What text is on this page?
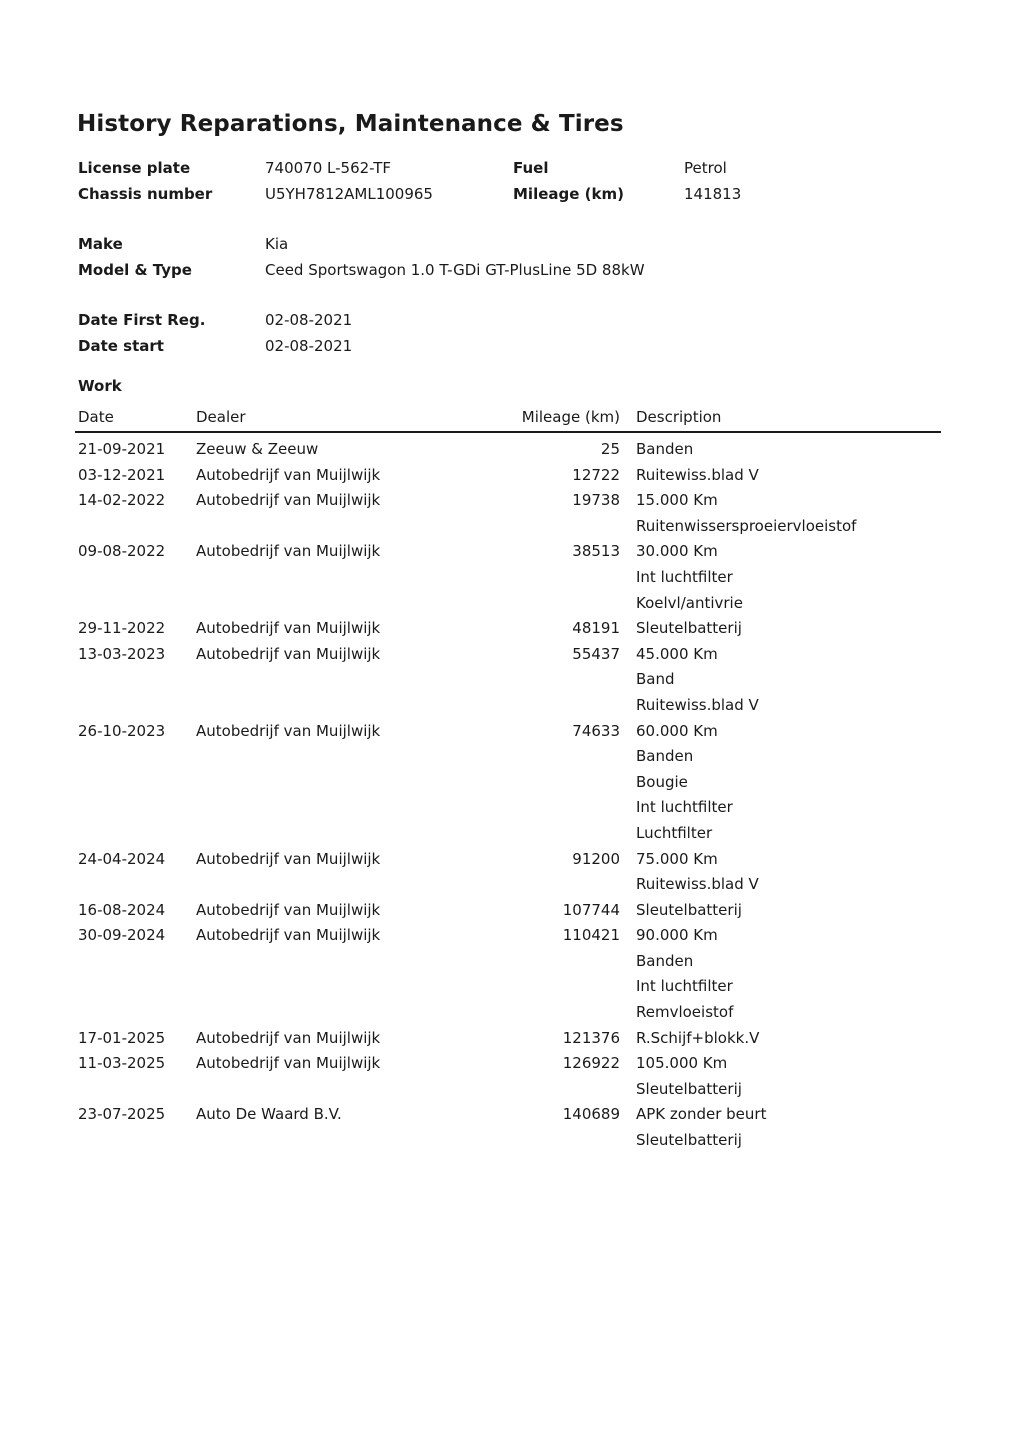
History Reparations, Maintenance & Tires
License plate	740070 L-562-TF	Fuel	Petrol
Chassis number	U5YH7812AML100965	Mileage (km)	141813
Make	Kia
Model & Type	Ceed Sportswagon 1.0 T-GDi GT-PlusLine 5D 88kW
Date First Reg.	02-08-2021
Date start	02-08-2021
Work
Date	Dealer	Mileage (km)	Description
21-09-2021	Zeeuw & Zeeuw	25	Banden

03-12-2021	Autobedrijf van Muijlwijk	12722	Ruitewiss.blad V

14-02-2022	Autobedrijf van Muijlwijk	19738	15.000 Km
Ruitenwissersproeiervloeistof

09-08-2022	Autobedrijf van Muijlwijk	38513	30.000 Km
Int luchtfilter
Koelvl/antivrie

29-11-2022	Autobedrijf van Muijlwijk	48191	Sleutelbatterij

13-03-2023	Autobedrijf van Muijlwijk	55437	45.000 Km
Band
Ruitewiss.blad V

26-10-2023	Autobedrijf van Muijlwijk	74633	60.000 Km
Banden
Bougie
Int luchtfilter
Luchtfilter

24-04-2024	Autobedrijf van Muijlwijk	91200	75.000 Km
Ruitewiss.blad V

16-08-2024	Autobedrijf van Muijlwijk	107744	Sleutelbatterij

30-09-2024	Autobedrijf van Muijlwijk	110421	90.000 Km
Banden
Int luchtfilter
Remvloeistof

17-01-2025	Autobedrijf van Muijlwijk	121376	R.Schijf+blokk.V

11-03-2025	Autobedrijf van Muijlwijk	126922	105.000 Km
Sleutelbatterij

23-07-2025	Auto De Waard B.V.	140689	APK zonder beurt
Sleutelbatterij
